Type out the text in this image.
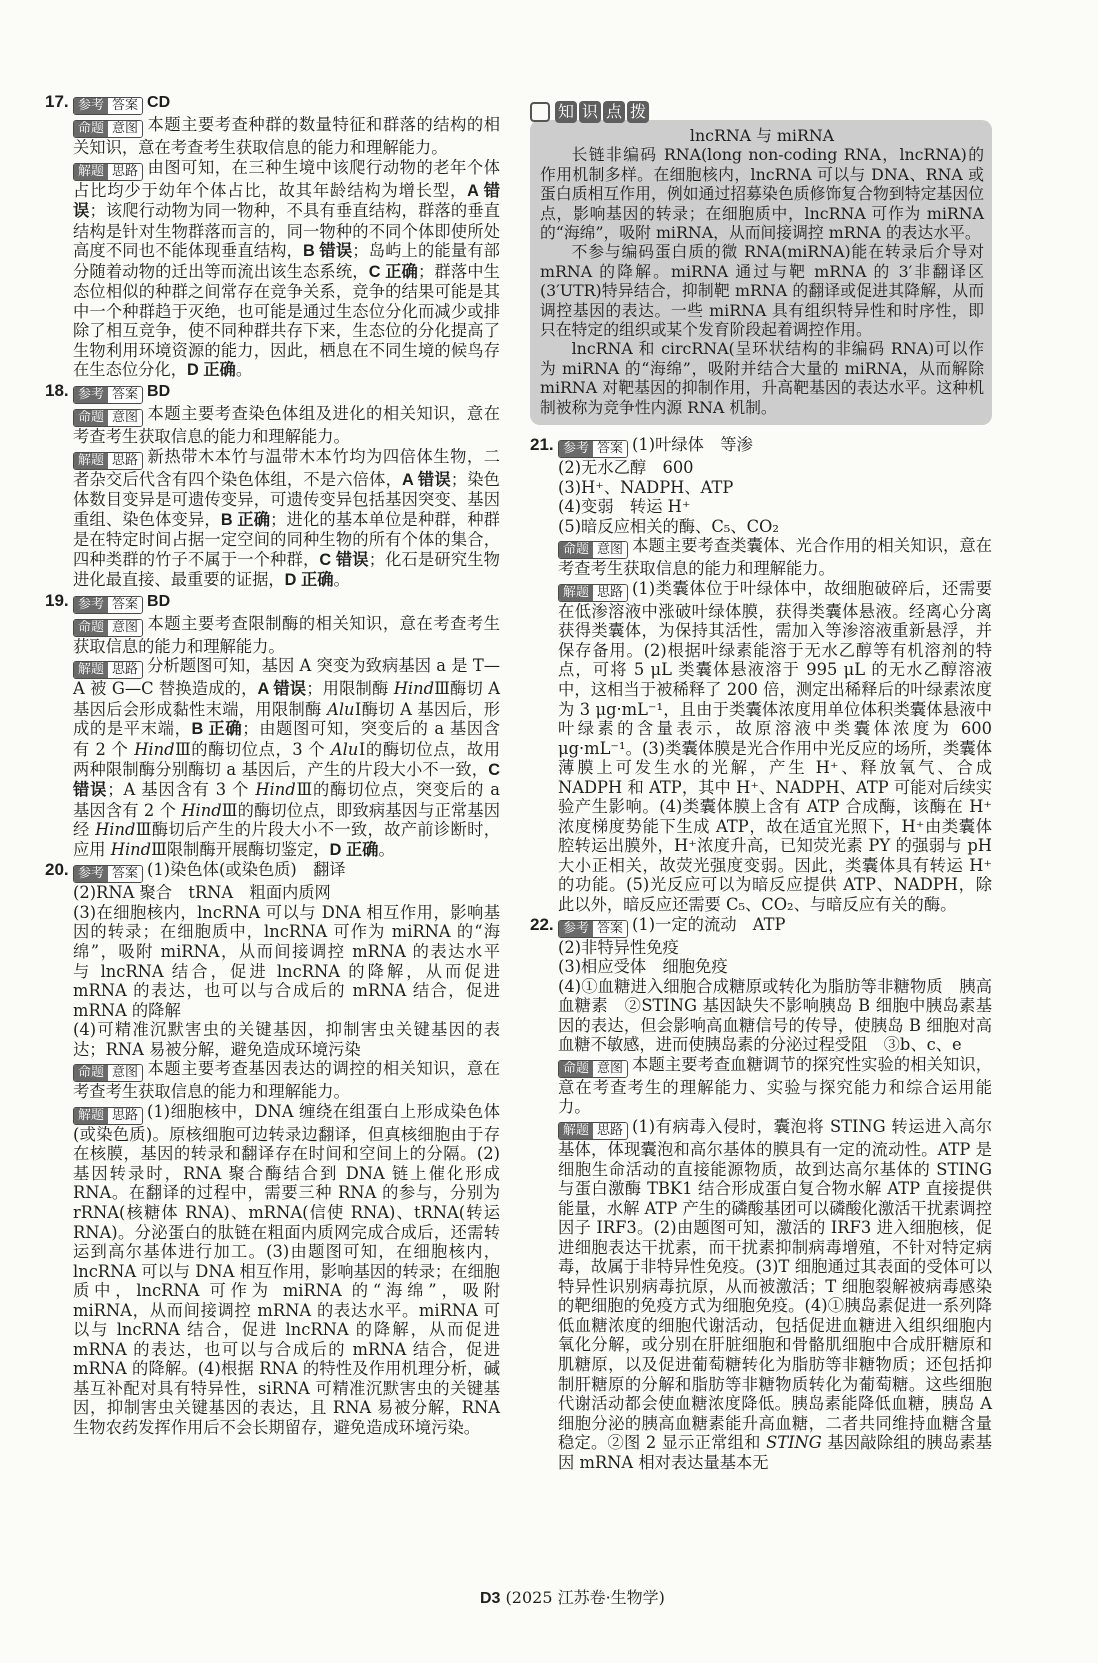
17. 参考 答案 CD

命题 意图 本题主要考查种群的数量特征和群落的结构的相关知识，意在考查考生获取信息的能力和理解能力。

解题 思路 由图可知，在三种生境中该爬行动物的老年个体占比均少于幼年个体占比，故其年龄结构为增长型，A 错误；该爬行动物为同一物种，不具有垂直结构，群落的垂直结构是针对生物群落而言的，同一物种的不同个体即使所处高度不同也不能体现垂直结构，B 错误；岛屿上的能量有部分随着动物的迁出等而流出该生态系统，C 正确；群落中生态位相似的种群之间常存在竞争关系，竞争的结果可能是其中一个种群趋于灭绝，也可能是通过生态位分化而减少或排除了相互竞争，使不同种群共存下来，生态位的分化提高了生物利用环境资源的能力，因此，栖息在不同生境的候鸟存在生态位分化，D 正确。

18. 参考 答案 BD

命题 意图 本题主要考查染色体组及进化的相关知识，意在考查考生获取信息的能力和理解能力。

解题 思路 新热带木本竹与温带木本竹均为四倍体生物，二者杂交后代含有四个染色体组，不是六倍体，A 错误；染色体数目变异是可遗传变异，可遗传变异包括基因突变、基因重组、染色体变异，B 正确；进化的基本单位是种群，种群是在特定时间占据一定空间的同种生物的所有个体的集合，四种类群的竹子不属于一个种群，C 错误；化石是研究生物进化最直接、最重要的证据，D 正确。

19. 参考 答案 BD

命题 意图 本题主要考查限制酶的相关知识，意在考查考生获取信息的能力和理解能力。

解题 思路 分析题图可知，基因 A 突变为致病基因 a 是 T—A 被 G—C 替换造成的，A 错误；用限制酶 HindⅢ酶切 A 基因后会形成黏性末端，用限制酶 AluⅠ酶切 A 基因后，形成的是平末端，B 正确；由题图可知，突变后的 a 基因含有 2 个 HindⅢ的酶切位点，3 个 AluⅠ的酶切位点，故用两种限制酶分别酶切 a 基因后，产生的片段大小不一致，C 错误；A 基因含有 3 个 HindⅢ的酶切位点，突变后的 a 基因含有 2 个 HindⅢ的酶切位点，即致病基因与正常基因经 HindⅢ酶切后产生的片段大小不一致，故产前诊断时，应用 HindⅢ限制酶开展酶切鉴定，D 正确。

20. 参考 答案 (1)染色体(或染色质)　翻译

(2)RNA 聚合　tRNA　粗面内质网

(3)在细胞核内，lncRNA 可以与 DNA 相互作用，影响基因的转录；在细胞质中，lncRNA 可作为 miRNA 的“海绵”，吸附 miRNA，从而间接调控 mRNA 的表达水平　与 lncRNA 结合，促进 lncRNA 的降解，从而促进 mRNA 的表达，也可以与合成后的 mRNA 结合，促进 mRNA 的降解

(4)可精准沉默害虫的关键基因，抑制害虫关键基因的表达；RNA 易被分解，避免造成环境污染

命题 意图 本题主要考查基因表达的调控的相关知识，意在考查考生获取信息的能力和理解能力。

解题 思路 (1)细胞核中，DNA 缠绕在组蛋白上形成染色体(或染色质)。原核细胞可边转录边翻译，但真核细胞由于存在核膜，基因的转录和翻译存在时间和空间上的分隔。(2)基因转录时，RNA 聚合酶结合到 DNA 链上催化形成 RNA。在翻译的过程中，需要三种 RNA 的参与，分别为 rRNA(核糖体 RNA)、mRNA(信使 RNA)、tRNA(转运 RNA)。分泌蛋白的肽链在粗面内质网完成合成后，还需转运到高尔基体进行加工。(3)由题图可知，在细胞核内，lncRNA 可以与 DNA 相互作用，影响基因的转录；在细胞质中，lncRNA 可作为 miRNA 的“海绵”，吸附 miRNA，从而间接调控 mRNA 的表达水平。miRNA 可以与 lncRNA 结合，促进 lncRNA 的降解，从而促进 mRNA 的表达，也可以与合成后的 mRNA 结合，促进 mRNA 的降解。(4)根据 RNA 的特性及作用机理分析，碱基互补配对具有特异性，siRNA 可精准沉默害虫的关键基因，抑制害虫关键基因的表达，且 RNA 易被分解，RNA 生物农药发挥作用后不会长期留存，避免造成环境污染。

知 识 点 拨

lncRNA 与 miRNA

长链非编码 RNA(long non-coding RNA，lncRNA)的作用机制多样。在细胞核内，lncRNA 可以与 DNA、RNA 或蛋白质相互作用，例如通过招募染色质修饰复合物到特定基因位点，影响基因的转录；在细胞质中，lncRNA 可作为 miRNA 的“海绵”，吸附 miRNA，从而间接调控 mRNA 的表达水平。

不参与编码蛋白质的微 RNA(miRNA)能在转录后介导对 mRNA 的降解。miRNA 通过与靶 mRNA 的 3′非翻译区(3′UTR)特异结合，抑制靶 mRNA 的翻译或促进其降解，从而调控基因的表达。一些 miRNA 具有组织特异性和时序性，即只在特定的组织或某个发育阶段起着调控作用。

lncRNA 和 circRNA(呈环状结构的非编码 RNA)可以作为 miRNA 的“海绵”，吸附并结合大量的 miRNA，从而解除 miRNA 对靶基因的抑制作用，升高靶基因的表达水平。这种机制被称为竞争性内源 RNA 机制。

21. 参考 答案 (1)叶绿体　等渗

(2)无水乙醇　600

(3)H⁺、NADPH、ATP

(4)变弱　转运 H⁺

(5)暗反应相关的酶、C₅、CO₂

命题 意图 本题主要考查类囊体、光合作用的相关知识，意在考查考生获取信息的能力和理解能力。

解题 思路 (1)类囊体位于叶绿体中，故细胞破碎后，还需要在低渗溶液中涨破叶绿体膜，获得类囊体悬液。经离心分离获得类囊体，为保持其活性，需加入等渗溶液重新悬浮，并保存备用。(2)根据叶绿素能溶于无水乙醇等有机溶剂的特点，可将 5 μL 类囊体悬液溶于 995 μL 的无水乙醇溶液中，这相当于被稀释了 200 倍，测定出稀释后的叶绿素浓度为 3 μg·mL⁻¹，且由于类囊体浓度用单位体积类囊体悬液中叶绿素的含量表示，故原溶液中类囊体浓度为 600 μg·mL⁻¹。(3)类囊体膜是光合作用中光反应的场所，类囊体薄膜上可发生水的光解，产生 H⁺、释放氧气、合成 NADPH 和 ATP，其中 H⁺、NADPH、ATP 可能对后续实验产生影响。(4)类囊体膜上含有 ATP 合成酶，该酶在 H⁺浓度梯度势能下生成 ATP，故在适宜光照下，H⁺由类囊体腔转运出膜外，H⁺浓度升高，已知荧光素 PY 的强弱与 pH 大小正相关，故荧光强度变弱。因此，类囊体具有转运 H⁺的功能。(5)光反应可以为暗反应提供 ATP、NADPH，除此以外，暗反应还需要 C₅、CO₂、与暗反应有关的酶。

22. 参考 答案 (1)一定的流动　ATP

(2)非特异性免疫

(3)相应受体　细胞免疫

(4)①血糖进入细胞合成糖原或转化为脂肪等非糖物质　胰高血糖素　②STING 基因缺失不影响胰岛 B 细胞中胰岛素基因的表达，但会影响高血糖信号的传导，使胰岛 B 细胞对高血糖不敏感，进而使胰岛素的分泌过程受阻　③b、c、e

命题 意图 本题主要考查血糖调节的探究性实验的相关知识，意在考查考生的理解能力、实验与探究能力和综合运用能力。

解题 思路 (1)有病毒入侵时，囊泡将 STING 转运进入高尔基体，体现囊泡和高尔基体的膜具有一定的流动性。ATP 是细胞生命活动的直接能源物质，故到达高尔基体的 STING 与蛋白激酶 TBK1 结合形成蛋白复合物水解 ATP 直接提供能量，水解 ATP 产生的磷酸基团可以磷酸化激活干扰素调控因子 IRF3。(2)由题图可知，激活的 IRF3 进入细胞核，促进细胞表达干扰素，而干扰素抑制病毒增殖，不针对特定病毒，故属于非特异性免疫。(3)T 细胞通过其表面的受体可以特异性识别病毒抗原，从而被激活；T 细胞裂解被病毒感染的靶细胞的免疫方式为细胞免疫。(4)①胰岛素促进一系列降低血糖浓度的细胞代谢活动，包括促进血糖进入组织细胞内氧化分解，或分别在肝脏细胞和骨骼肌细胞中合成肝糖原和肌糖原，以及促进葡萄糖转化为脂肪等非糖物质；还包括抑制肝糖原的分解和脂肪等非糖物质转化为葡萄糖。这些细胞代谢活动都会使血糖浓度降低。胰岛素能降低血糖，胰岛 A 细胞分泌的胰高血糖素能升高血糖，二者共同维持血糖含量稳定。②图 2 显示正常组和 STING 基因敲除组的胰岛素基因 mRNA 相对表达量基本无

D3 (2025 江苏卷·生物学)
